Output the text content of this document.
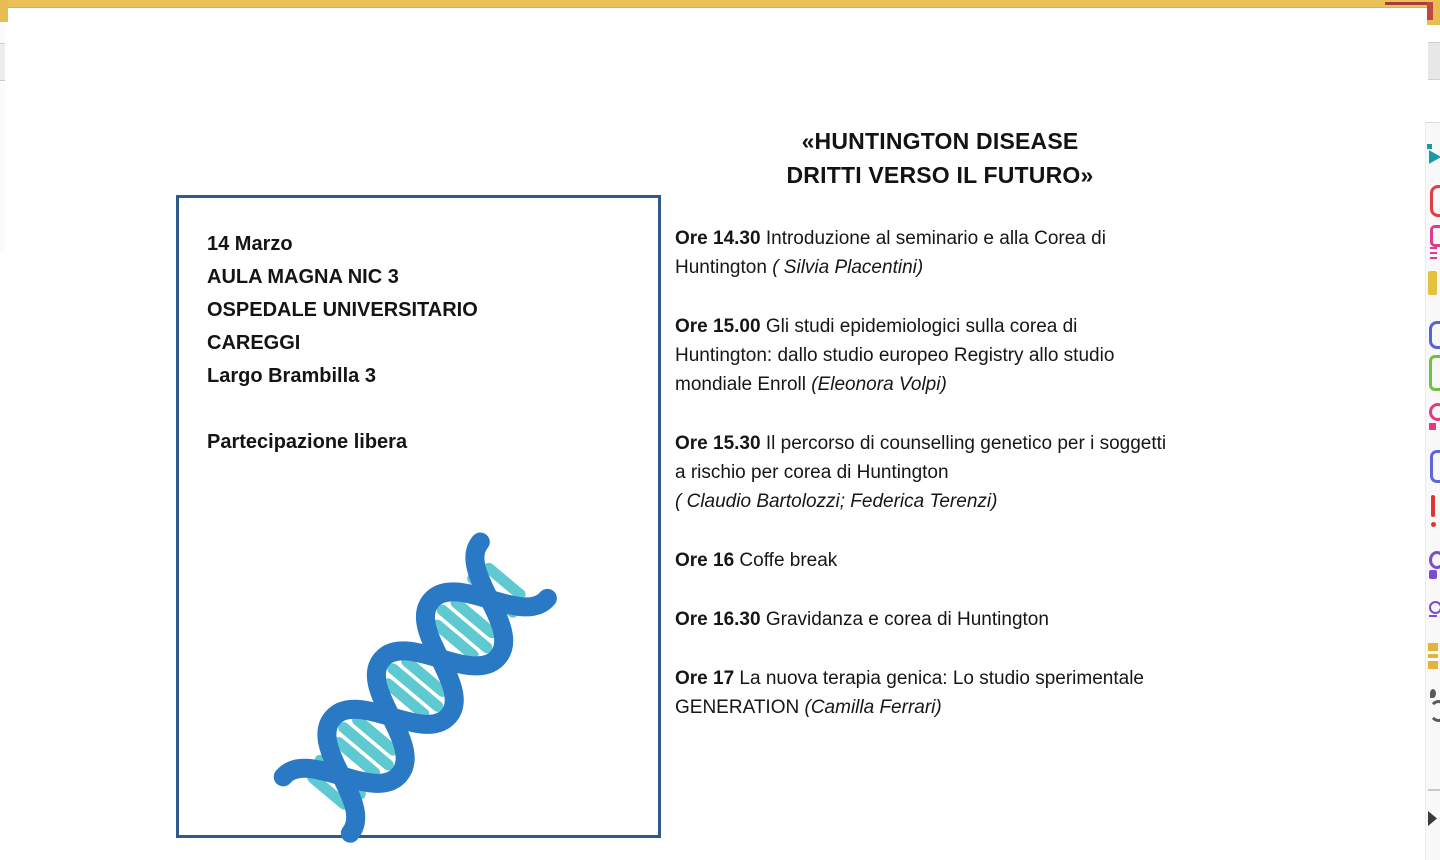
«HUNTINGTON DISEASE
DRITTI VERSO IL FUTURO»
14 Marzo
AULA MAGNA NIC 3
OSPEDALE UNIVERSITARIO
CAREGGI
Largo Brambilla 3
Partecipazione libera

Ore 14.30 Introduzione al seminario e alla Corea di Huntington ( Silvia Placentini)

Ore 15.00 Gli studi epidemiologici sulla corea di Huntington: dallo studio europeo Registry allo studio mondiale Enroll (Eleonora Volpi)

Ore 15.30 Il percorso di counselling genetico per i soggetti a rischio per corea di Huntington
( Claudio Bartolozzi; Federica Terenzi)

Ore 16 Coffe break

Ore 16.30 Gravidanza e corea di Huntington

Ore 17 La nuova terapia genica: Lo studio sperimentale GENERATION (Camilla Ferrari)
